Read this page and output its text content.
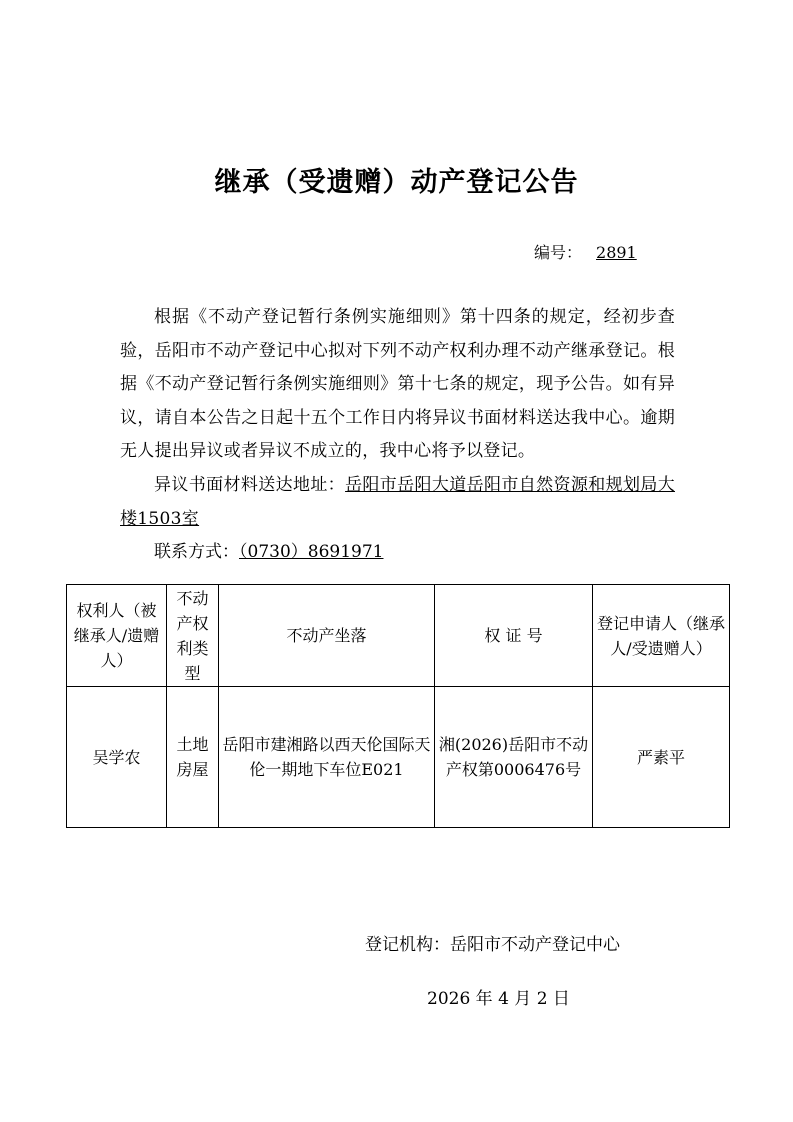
继承（受遗赠）动产登记公告
编号： 2891
根据《不动产登记暂行条例实施细则》第十四条的规定，经初步查验，岳阳市不动产登记中心拟对下列不动产权利办理不动产继承登记。根据《不动产登记暂行条例实施细则》第十七条的规定，现予公告。如有异议，请自本公告之日起十五个工作日内将异议书面材料送达我中心。逾期无人提出异议或者异议不成立的，我中心将予以登记。
异议书面材料送达地址：岳阳市岳阳大道岳阳市自然资源和规划局大楼1503室
联系方式：（0730）8691971
权利人（被继承人/遗赠人）	不动产权利类型	不动产坐落	权 证 号	登记申请人（继承人/受遗赠人）
吴学农	土地房屋	岳阳市建湘路以西天伦国际天伦一期地下车位E021	湘(2026)岳阳市不动产权第0006476号	严素平
登记机构：岳阳市不动产登记中心
2026 年 4 月 2 日
